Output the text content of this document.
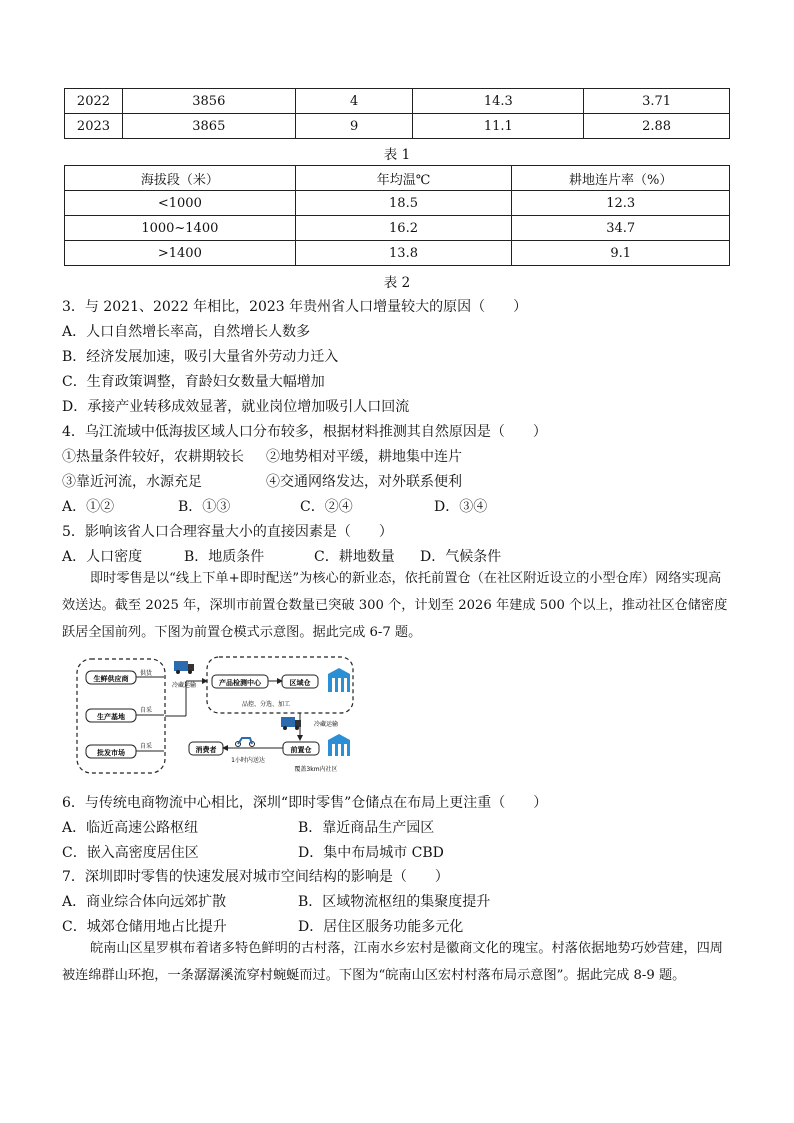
2022	3856	4	14.3	3.71
2023	3865	9	11.1	2.88
表 1
海拔段（米）	年均温℃	耕地连片率（%）
<1000	18.5	12.3
1000~1400	16.2	34.7
>1400	13.8	9.1
表 2
3．与 2021、2022 年相比，2023 年贵州省人口增量较大的原因（　　）
A．人口自然增长率高，自然增长人数多
B．经济发展加速，吸引大量省外劳动力迁入
C．生育政策调整，育龄妇女数量大幅增加
D．承接产业转移成效显著，就业岗位增加吸引人口回流
4．乌江流域中低海拔区域人口分布较多，根据材料推测其自然原因是（　　）
①热量条件较好，农耕期较长 ②地势相对平缓，耕地集中连片
③靠近河流，水源充足	④交通网络发达，对外联系便利
A．①②	B．①③	C．②④	D．③④
5．影响该省人口合理容量大小的直接因素是（　　）
A．人口密度	B．地质条件	C．耕地数量 D．气候条件
即时零售是以“线上下单+即时配送”为核心的新业态，依托前置仓（在社区附近设立的小型仓库）网络实现高效送达。截至 2025 年，深圳市前置仓数量已突破 300 个，计划至 2026 年建成 500 个以上，推动社区仓储密度跃居全国前列。下图为前置仓模式示意图。据此完成 6-7 题。
生鲜供应商
生产基地
批发市场
供货
自采
自采
冷藏运输	产品检测中心	区域仓
品控、分选、加工
冷藏运输
消费者
1小时内送达
前置仓
覆盖3km内社区
6．与传统电商物流中心相比，深圳“即时零售”仓储点在布局上更注重（　　）
A．临近高速公路枢纽	B．靠近商品生产园区
C．嵌入高密度居住区	D．集中布局城市 CBD
7．深圳即时零售的快速发展对城市空间结构的影响是（　　）
A．商业综合体向远郊扩散	B．区域物流枢纽的集聚度提升
C．城郊仓储用地占比提升	D．居住区服务功能多元化
皖南山区星罗棋布着诸多特色鲜明的古村落，江南水乡宏村是徽商文化的瑰宝。村落依据地势巧妙营建，四周被连绵群山环抱，一条潺潺溪流穿村蜿蜒而过。下图为“皖南山区宏村村落布局示意图”。据此完成 8-9 题。
